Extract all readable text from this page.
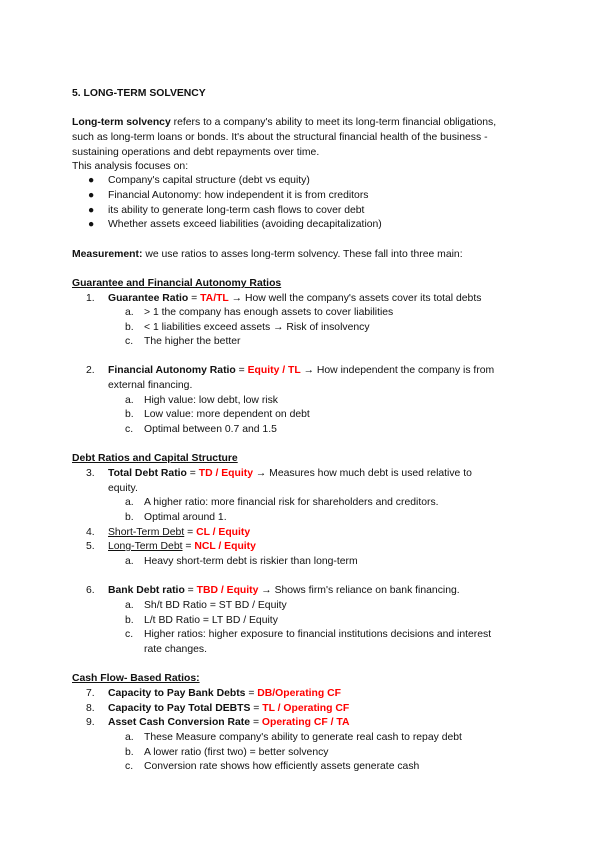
5. LONG-TERM SOLVENCY
Long-term solvency refers to a company's ability to meet its long-term financial obligations,
such as long-term loans or bonds. It's about the structural financial health of the business -
sustaining operations and debt repayments over time.
This analysis focuses on:
● Company's capital structure (debt vs equity)
● Financial Autonomy: how independent it is from creditors
● its ability to generate long-term cash flows to cover debt
● Whether assets exceed liabilities (avoiding decapitalization)
Measurement: we use ratios to asses long-term solvency. These fall into three main:
Guarantee and Financial Autonomy Ratios
1. Guarantee Ratio = TA/TL → How well the company's assets cover its total debts
a. > 1 the company has enough assets to cover liabilities
b. < 1 liabilities exceed assets → Risk of insolvency
c. The higher the better
2. Financial Autonomy Ratio = Equity / TL → How independent the company is from
external financing.
a. High value: low debt, low risk
b. Low value: more dependent on debt
c. Optimal between 0.7 and 1.5
Debt Ratios and Capital Structure
3. Total Debt Ratio = TD / Equity → Measures how much debt is used relative to
equity.
a. A higher ratio: more financial risk for shareholders and creditors.
b. Optimal around 1.
4. Short-Term Debt = CL / Equity
5. Long-Term Debt = NCL / Equity
a. Heavy short-term debt is riskier than long-term
6. Bank Debt ratio = TBD / Equity → Shows firm's reliance on bank financing.
a. Sh/t BD Ratio = ST BD / Equity
b. L/t BD Ratio = LT BD / Equity
c. Higher ratios: higher exposure to financial institutions decisions and interest
rate changes.
Cash Flow- Based Ratios:
7. Capacity to Pay Bank Debts = DB/Operating CF
8. Capacity to Pay Total DEBTS = TL / Operating CF
9. Asset Cash Conversion Rate = Operating CF / TA
a. These Measure company's ability to generate real cash to repay debt
b. A lower ratio (first two) = better solvency
c. Conversion rate shows how efficiently assets generate cash
